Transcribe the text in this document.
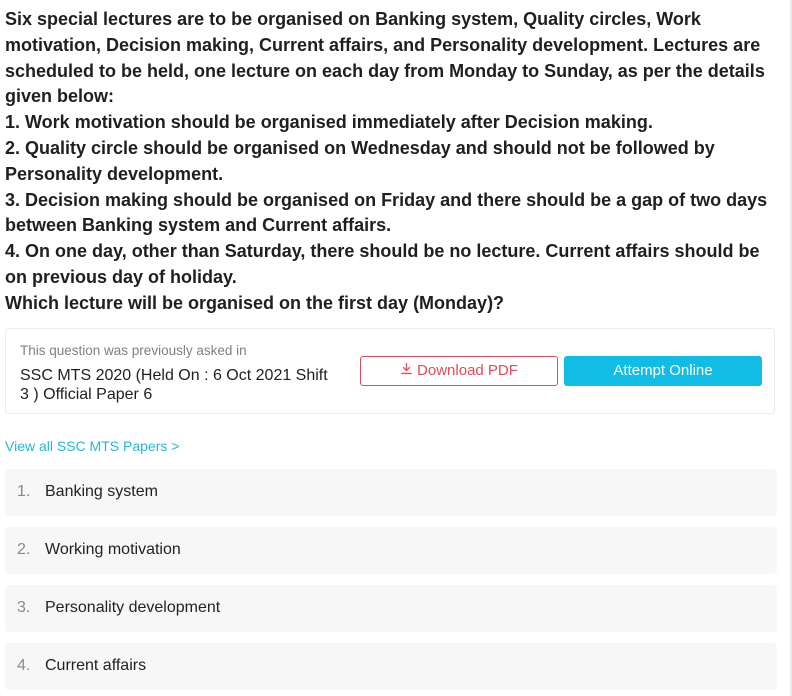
Six special lectures are to be organised on Banking system, Quality circles, Work motivation, Decision making, Current affairs, and Personality development. Lectures are scheduled to be held, one lecture on each day from Monday to Sunday, as per the details given below:

1. Work motivation should be organised immediately after Decision making.

2. Quality circle should be organised on Wednesday and should not be followed by Personality development.

3. Decision making should be organised on Friday and there should be a gap of two days between Banking system and Current affairs.

4. On one day, other than Saturday, there should be no lecture. Current affairs should be on previous day of holiday.

Which lecture will be organised on the first day (Monday)?

This question was previously asked in
SSC MTS 2020 (Held On : 6 Oct 2021 Shift 3 ) Official Paper 6
Download PDF	Attempt Online
View all SSC MTS Papers >
1. Banking system
2. Working motivation
3. Personality development
4. Current affairs
